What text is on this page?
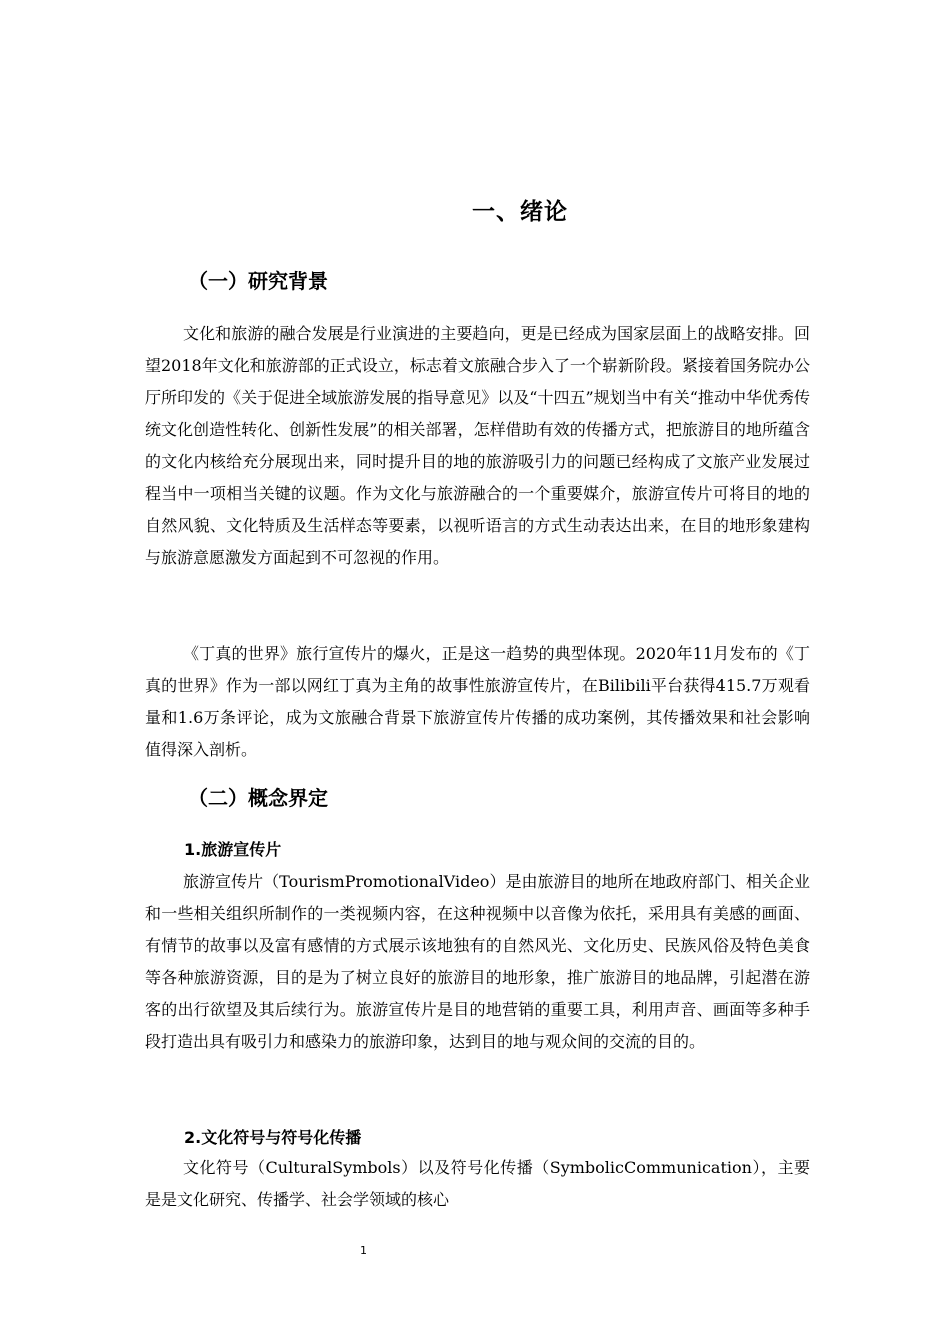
一、绪论
（一）研究背景

文化和旅游的融合发展是行业演进的主要趋向，更是已经成为国家层面上的战略安排。回望2018年文化和旅游部的正式设立，标志着文旅融合步入了一个崭新阶段。紧接着国务院办公厅所印发的《关于促进全域旅游发展的指导意见》以及“十四五”规划当中有关“推动中华优秀传统文化创造性转化、创新性发展”的相关部署，怎样借助有效的传播方式，把旅游目的地所蕴含的文化内核给充分展现出来，同时提升目的地的旅游吸引力的问题已经构成了文旅产业发展过程当中一项相当关键的议题。作为文化与旅游融合的一个重要媒介，旅游宣传片可将目的地的自然风貌、文化特质及生活样态等要素，以视听语言的方式生动表达出来，在目的地形象建构与旅游意愿激发方面起到不可忽视的作用。

《丁真的世界》旅行宣传片的爆火，正是这一趋势的典型体现。2020年11月发布的《丁真的世界》作为一部以网红丁真为主角的故事性旅游宣传片，在Bilibili平台获得415.7万观看量和1.6万条评论，成为文旅融合背景下旅游宣传片传播的成功案例，其传播效果和社会影响值得深入剖析。

（二）概念界定
1.旅游宣传片

旅游宣传片（TourismPromotionalVideo）是由旅游目的地所在地政府部门、相关企业和一些相关组织所制作的一类视频内容，在这种视频中以音像为依托，采用具有美感的画面、有情节的故事以及富有感情的方式展示该地独有的自然风光、文化历史、民族风俗及特色美食等各种旅游资源，目的是为了树立良好的旅游目的地形象，推广旅游目的地品牌，引起潜在游客的出行欲望及其后续行为。旅游宣传片是目的地营销的重要工具，利用声音、画面等多种手段打造出具有吸引力和感染力的旅游印象，达到目的地与观众间的交流的目的。

2.文化符号与符号化传播

文化符号（CulturalSymbols）以及符号化传播（SymbolicCommunication），主要是是文化研究、传播学、社会学领域的核心

1
